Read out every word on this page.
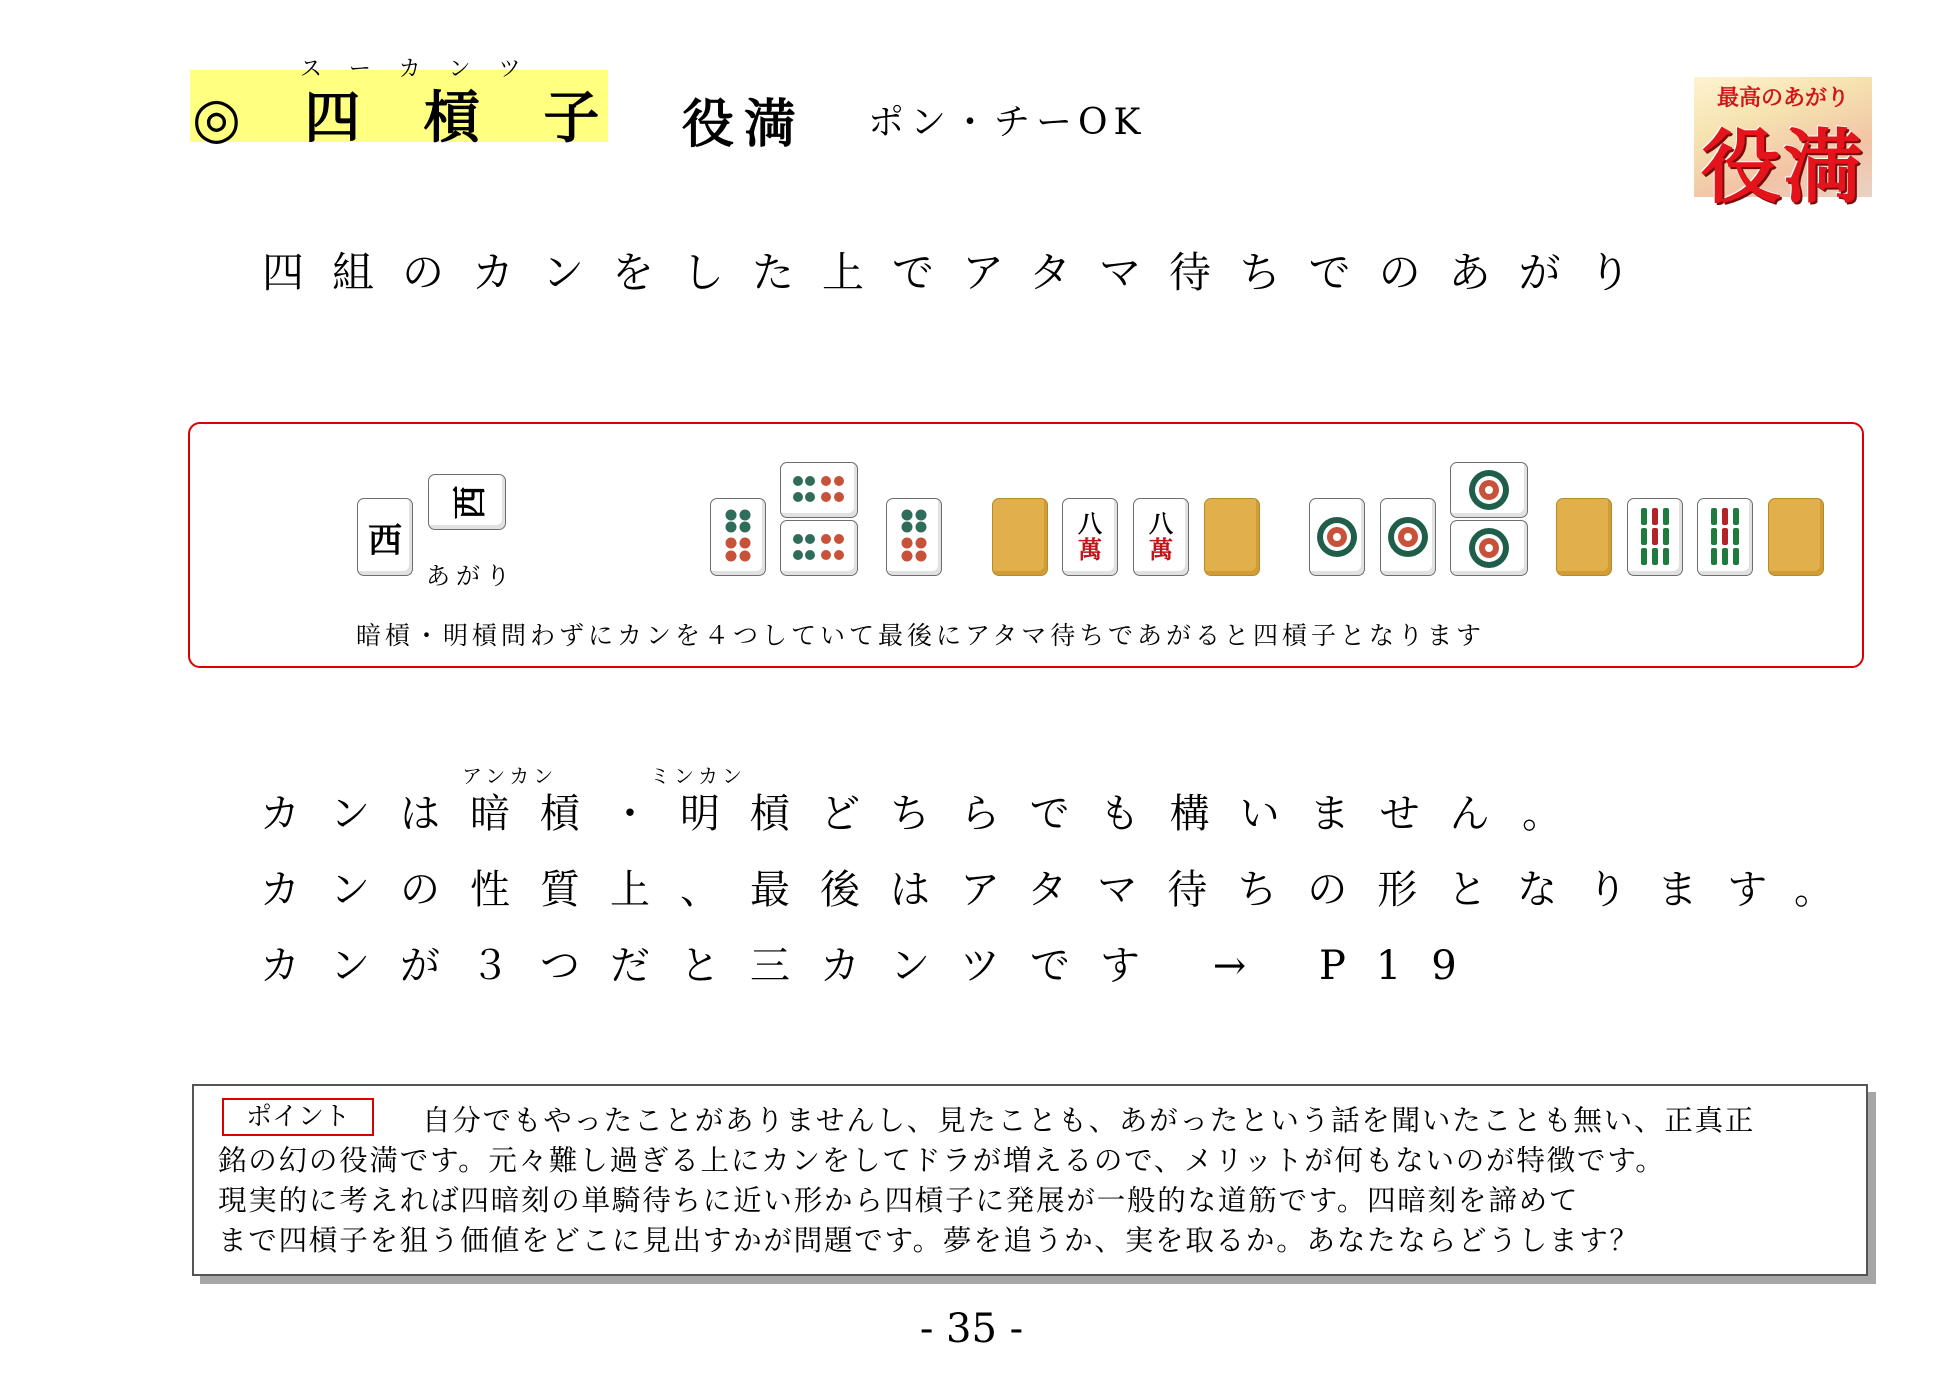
スーカンツ
◎ 四 槓 子 役満 ポン・チーOK
最高のあがり
役満
四組のカンをした上でアタマ待ちでのあがり
西
西
あがり
八
萬
八
萬
暗槓・明槓問わずにカンを４つしていて最後にアタマ待ちであがると四槓子となります
アンカン	ミンカン
カンは暗槓・明槓どちらでも構いません。
カンの性質上、最後はアタマ待ちの形となります。
カンが３つだと三カンツです → P19
ポイント	自分でもやったことがありませんし、見たことも、あがったという話を聞いたことも無い、正真正
銘の幻の役満です。元々難し過ぎる上にカンをしてドラが増えるので、メリットが何もないのが特徴です。
現実的に考えれば四暗刻の単騎待ちに近い形から四槓子に発展が一般的な道筋です。四暗刻を諦めて
まで四槓子を狙う価値をどこに見出すかが問題です。夢を追うか、実を取るか。あなたならどうします？
- 35 -
